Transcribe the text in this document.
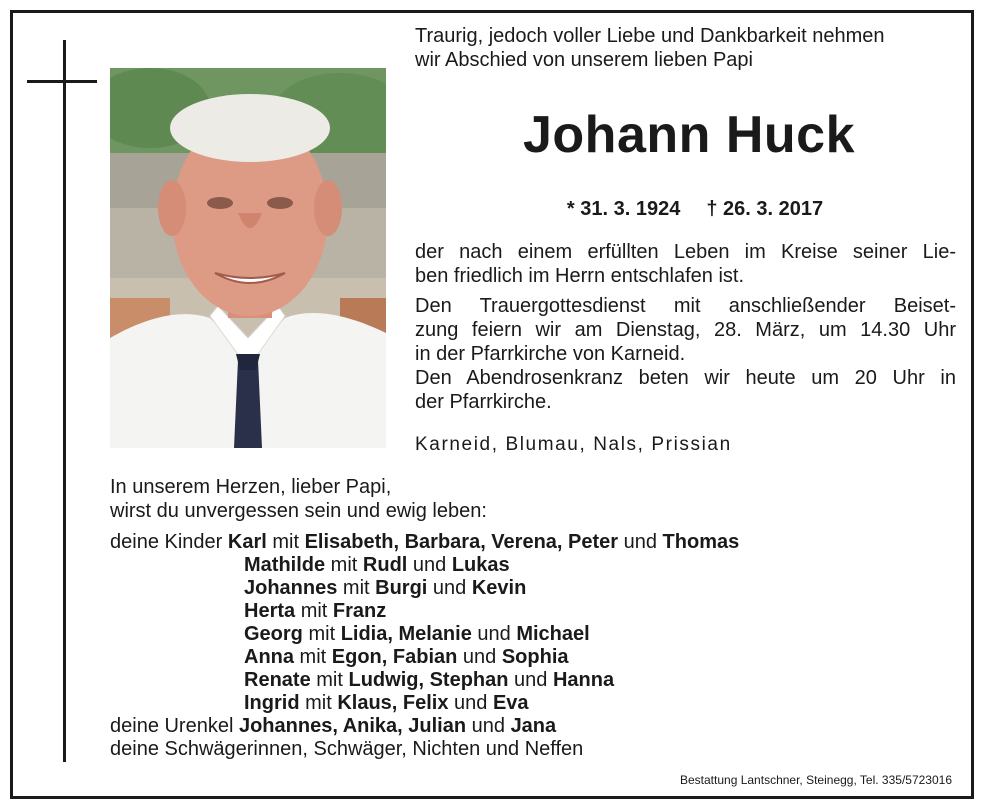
Traurig, jedoch voller Liebe und Dankbarkeit nehmen
wir Abschied von unserem lieben Papi
Johann Huck
* 31. 3. 1924 † 26. 3. 2017
der nach einem erfüllten Leben im Kreise seiner Lie-
ben friedlich im Herrn entschlafen ist.
Den Trauergottesdienst mit anschließender Beiset-
zung feiern wir am Dienstag, 28. März, um 14.30 Uhr
in der Pfarrkirche von Karneid.
Den Abendrosenkranz beten wir heute um 20 Uhr in
der Pfarrkirche.
Karneid, Blumau, Nals, Prissian
In unserem Herzen, lieber Papi,
wirst du unvergessen sein und ewig leben:
deine Kinder Karl mit Elisabeth, Barbara, Verena, Peter und Thomas
Mathilde mit Rudl und Lukas
Johannes mit Burgi und Kevin
Herta mit Franz
Georg mit Lidia, Melanie und Michael
Anna mit Egon, Fabian und Sophia
Renate mit Ludwig, Stephan und Hanna
Ingrid mit Klaus, Felix und Eva
deine Urenkel Johannes, Anika, Julian und Jana
deine Schwägerinnen, Schwäger, Nichten und Neffen
Bestattung Lantschner, Steinegg, Tel. 335/5723016
